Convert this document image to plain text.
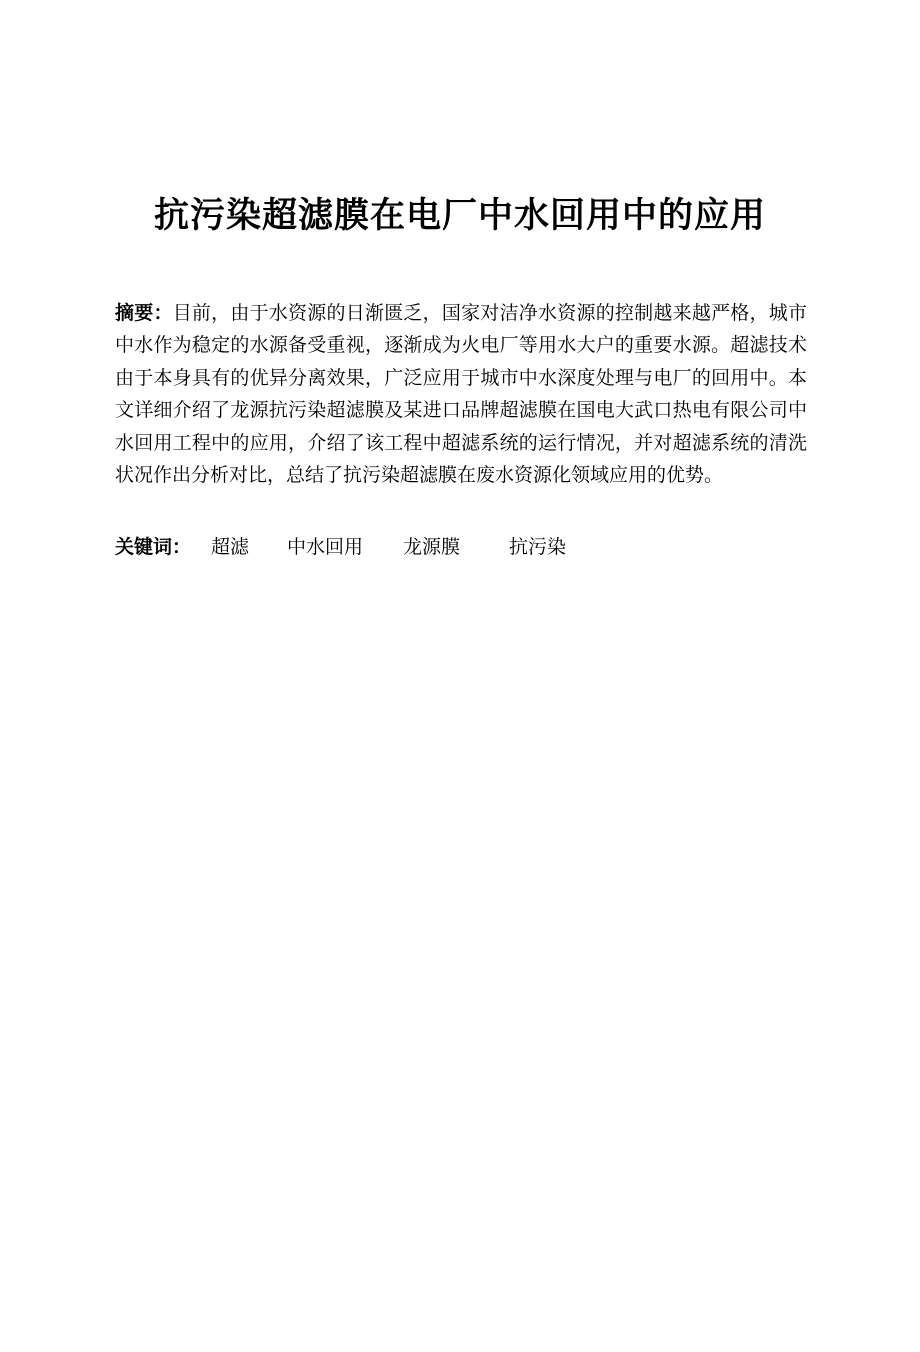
抗污染超滤膜在电厂中水回用中的应用

摘要：目前，由于水资源的日渐匮乏，国家对洁净水资源的控制越来越严格，城市中水作为稳定的水源备受重视，逐渐成为火电厂等用水大户的重要水源。超滤技术由于本身具有的优异分离效果，广泛应用于城市中水深度处理与电厂的回用中。本文详细介绍了龙源抗污染超滤膜及某进口品牌超滤膜在国电大武口热电有限公司中水回用工程中的应用，介绍了该工程中超滤系统的运行情况，并对超滤系统的清洗状况作出分析对比，总结了抗污染超滤膜在废水资源化领域应用的优势。

关键词： 超滤 中水回用 龙源膜	抗污染
